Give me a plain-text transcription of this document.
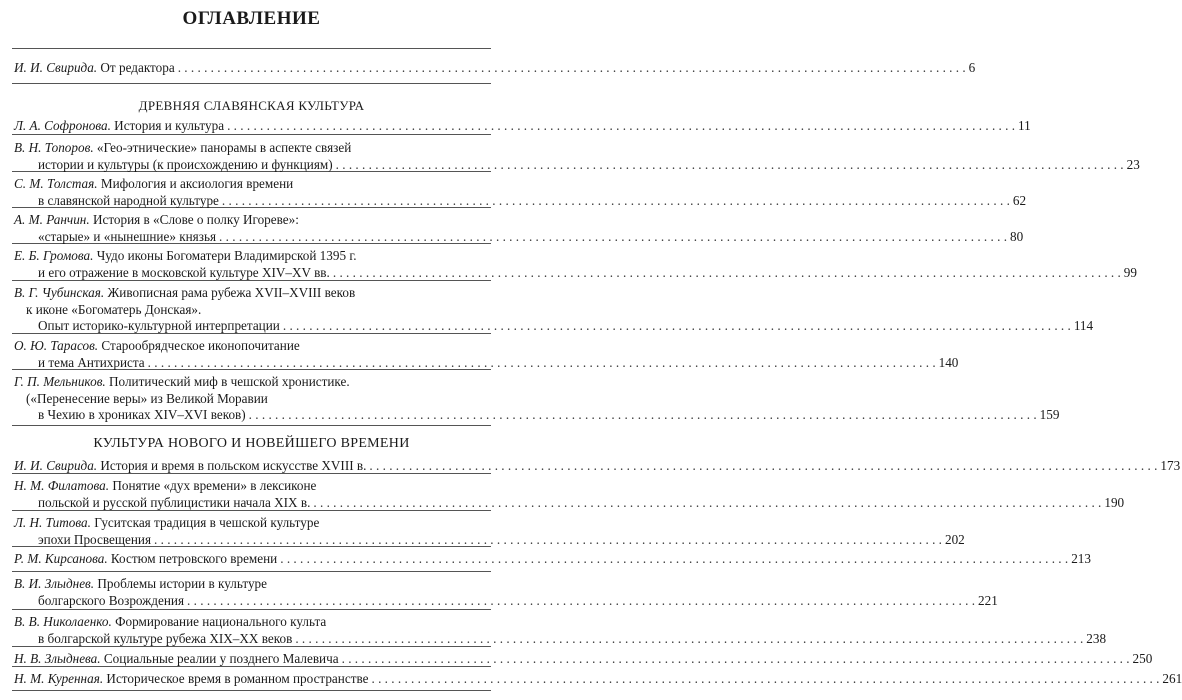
ОГЛАВЛЕНИЕ
И. И. Свирида. От редактора . . . . . . . . . . . . . . . . . . . . . . . . . . . . . . . . . . . . . . . . . . . . . . . . . . . . . . . . . . . . . . . . . . . . . . . . . . . . . . . . . . . . . . . . . . . . . . . . . . . . . . . . . . . . . . . . . . . . . . . . 6
ДРЕВНЯЯ СЛАВЯНСКАЯ КУЛЬТУРА
Л. А. Софронова. История и культура . . . . . . . . . . . . . . . . . . . . . . . . . . . . . . . . . . . . . . . . . . . . . . . . . . . . . . . . . . . . . . . . . . . . . . . . . . . . . . . . . . . . . . . . . . . . . . . . . . . . . . . . . . . . . . . . . . . . . . . . 11
В. Н. Топоров. «Гео-этнические» панорамы в аспекте связей
истории и культуры (к происхождению и функциям) . . . . . . . . . . . . . . . . . . . . . . . . . . . . . . . . . . . . . . . . . . . . . . . . . . . . . . . . . . . . . . . . . . . . . . . . . . . . . . . . . . . . . . . . . . . . . . . . . . . . . . . . . . . . . . . . . . . . . . . . 23
С. М. Толстая. Мифология и аксиология времени
в славянской народной культуре . . . . . . . . . . . . . . . . . . . . . . . . . . . . . . . . . . . . . . . . . . . . . . . . . . . . . . . . . . . . . . . . . . . . . . . . . . . . . . . . . . . . . . . . . . . . . . . . . . . . . . . . . . . . . . . . . . . . . . . . 62
А. М. Ранчин. История в «Слове о полку Игореве»:
«старые» и «нынешние» князья . . . . . . . . . . . . . . . . . . . . . . . . . . . . . . . . . . . . . . . . . . . . . . . . . . . . . . . . . . . . . . . . . . . . . . . . . . . . . . . . . . . . . . . . . . . . . . . . . . . . . . . . . . . . . . . . . . . . . . . . 80
Е. Б. Громова. Чудо иконы Богоматери Владимирской 1395 г.
и его отражение в московской культуре XIV–XV вв. . . . . . . . . . . . . . . . . . . . . . . . . . . . . . . . . . . . . . . . . . . . . . . . . . . . . . . . . . . . . . . . . . . . . . . . . . . . . . . . . . . . . . . . . . . . . . . . . . . . . . . . . . . . . . . . . . . . . . . . . 99
В. Г. Чубинская. Живописная рама рубежа XVII–XVIII веков
к иконе «Богоматерь Донская».
Опыт историко-культурной интерпретации . . . . . . . . . . . . . . . . . . . . . . . . . . . . . . . . . . . . . . . . . . . . . . . . . . . . . . . . . . . . . . . . . . . . . . . . . . . . . . . . . . . . . . . . . . . . . . . . . . . . . . . . . . . . . . . . . . . . . . . . 114
О. Ю. Тарасов. Старообрядческое иконопочитание
и тема Антихриста . . . . . . . . . . . . . . . . . . . . . . . . . . . . . . . . . . . . . . . . . . . . . . . . . . . . . . . . . . . . . . . . . . . . . . . . . . . . . . . . . . . . . . . . . . . . . . . . . . . . . . . . . . . . . . . . . . . . . . . . 140
Г. П. Мельников. Политический миф в чешской хронистике.
(«Перенесение веры» из Великой Моравии
в Чехию в хрониках XIV–XVI веков) . . . . . . . . . . . . . . . . . . . . . . . . . . . . . . . . . . . . . . . . . . . . . . . . . . . . . . . . . . . . . . . . . . . . . . . . . . . . . . . . . . . . . . . . . . . . . . . . . . . . . . . . . . . . . . . . . . . . . . . . 159
КУЛЬТУРА НОВОГО И НОВЕЙШЕГО ВРЕМЕНИ
И. И. Свирида. История и время в польском искусстве XVIII в. . . . . . . . . . . . . . . . . . . . . . . . . . . . . . . . . . . . . . . . . . . . . . . . . . . . . . . . . . . . . . . . . . . . . . . . . . . . . . . . . . . . . . . . . . . . . . . . . . . . . . . . . . . . . . . . . . . . . . . . . 173
Н. М. Филатова. Понятие «дух времени» в лексиконе
польской и русской публицистики начала XIX в. . . . . . . . . . . . . . . . . . . . . . . . . . . . . . . . . . . . . . . . . . . . . . . . . . . . . . . . . . . . . . . . . . . . . . . . . . . . . . . . . . . . . . . . . . . . . . . . . . . . . . . . . . . . . . . . . . . . . . . . . 190
Л. Н. Титова. Гуситская традиция в чешской культуре
эпохи Просвещения . . . . . . . . . . . . . . . . . . . . . . . . . . . . . . . . . . . . . . . . . . . . . . . . . . . . . . . . . . . . . . . . . . . . . . . . . . . . . . . . . . . . . . . . . . . . . . . . . . . . . . . . . . . . . . . . . . . . . . . . 202
Р. М. Кирсанова. Костюм петровского времени . . . . . . . . . . . . . . . . . . . . . . . . . . . . . . . . . . . . . . . . . . . . . . . . . . . . . . . . . . . . . . . . . . . . . . . . . . . . . . . . . . . . . . . . . . . . . . . . . . . . . . . . . . . . . . . . . . . . . . . . 213
В. И. Злыднев. Проблемы истории в культуре
болгарского Возрождения . . . . . . . . . . . . . . . . . . . . . . . . . . . . . . . . . . . . . . . . . . . . . . . . . . . . . . . . . . . . . . . . . . . . . . . . . . . . . . . . . . . . . . . . . . . . . . . . . . . . . . . . . . . . . . . . . . . . . . . . 221
В. В. Николаенко. Формирование национального культа
в болгарской культуре рубежа XIX–XX веков . . . . . . . . . . . . . . . . . . . . . . . . . . . . . . . . . . . . . . . . . . . . . . . . . . . . . . . . . . . . . . . . . . . . . . . . . . . . . . . . . . . . . . . . . . . . . . . . . . . . . . . . . . . . . . . . . . . . . . . . 238
Н. В. Злыднева. Социальные реалии у позднего Малевича . . . . . . . . . . . . . . . . . . . . . . . . . . . . . . . . . . . . . . . . . . . . . . . . . . . . . . . . . . . . . . . . . . . . . . . . . . . . . . . . . . . . . . . . . . . . . . . . . . . . . . . . . . . . . . . . . . . . . . . . 250
Н. М. Куренная. Историческое время в романном пространстве . . . . . . . . . . . . . . . . . . . . . . . . . . . . . . . . . . . . . . . . . . . . . . . . . . . . . . . . . . . . . . . . . . . . . . . . . . . . . . . . . . . . . . . . . . . . . . . . . . . . . . . . . . . . . . . . . . . . . . . . 261
